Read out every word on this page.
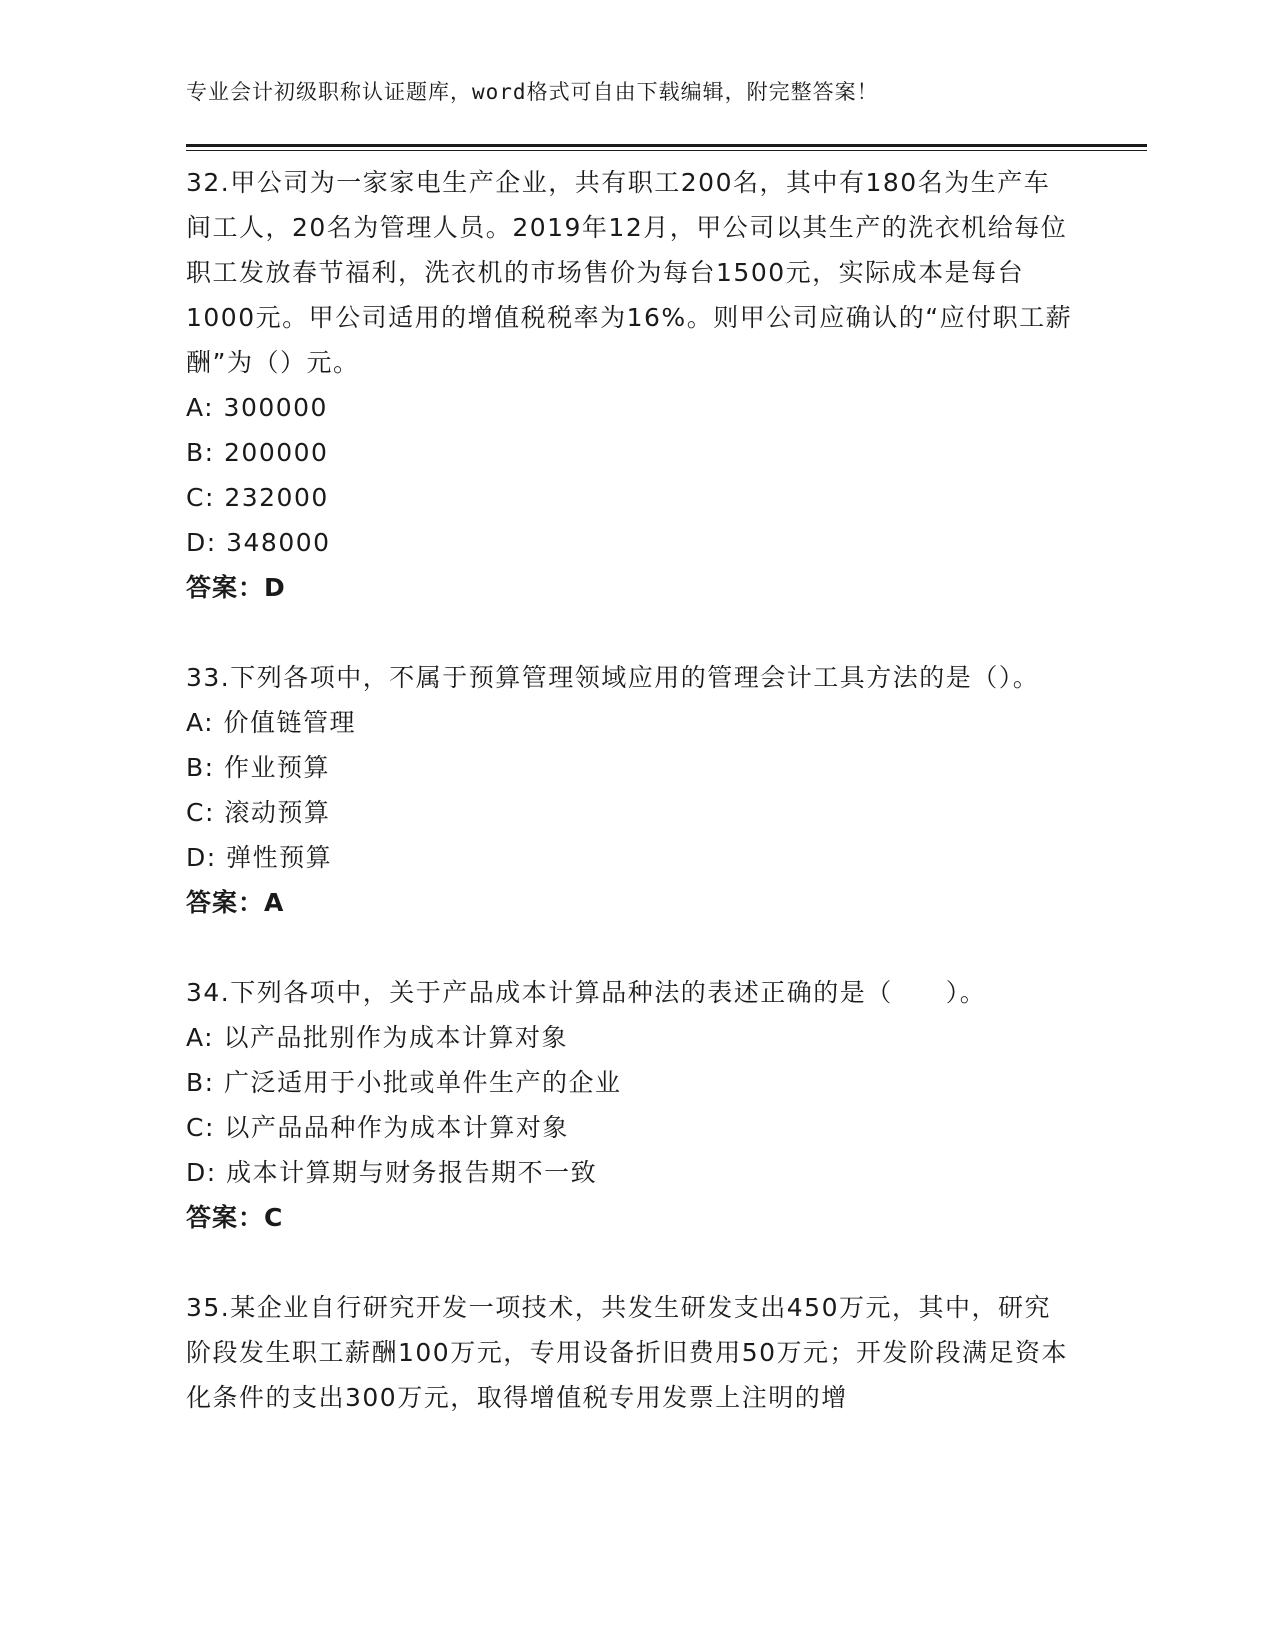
专业会计初级职称认证题库，word格式可自由下载编辑，附完整答案！

32.甲公司为一家家电生产企业，共有职工200名，其中有180名为生产车间工人，20名为管理人员。2019年12月，甲公司以其生产的洗衣机给每位职工发放春节福利，洗衣机的市场售价为每台1500元，实际成本是每台1000元。甲公司适用的增值税税率为16%。则甲公司应确认的“应付职工薪酬”为（）元。

A: 300000

B: 200000

C: 232000

D: 348000

答案：D

33.下列各项中，不属于预算管理领域应用的管理会计工具方法的是（）。

A: 价值链管理

B: 作业预算

C: 滚动预算

D: 弹性预算

答案：A

34.下列各项中，关于产品成本计算品种法的表述正确的是（　　）。

A: 以产品批别作为成本计算对象

B: 广泛适用于小批或单件生产的企业

C: 以产品品种作为成本计算对象

D: 成本计算期与财务报告期不一致

答案：C

35.某企业自行研究开发一项技术，共发生研发支出450万元，其中，研究阶段发生职工薪酬100万元，专用设备折旧费用50万元；开发阶段满足资本化条件的支出300万元，取得增值税专用发票上注明的增
